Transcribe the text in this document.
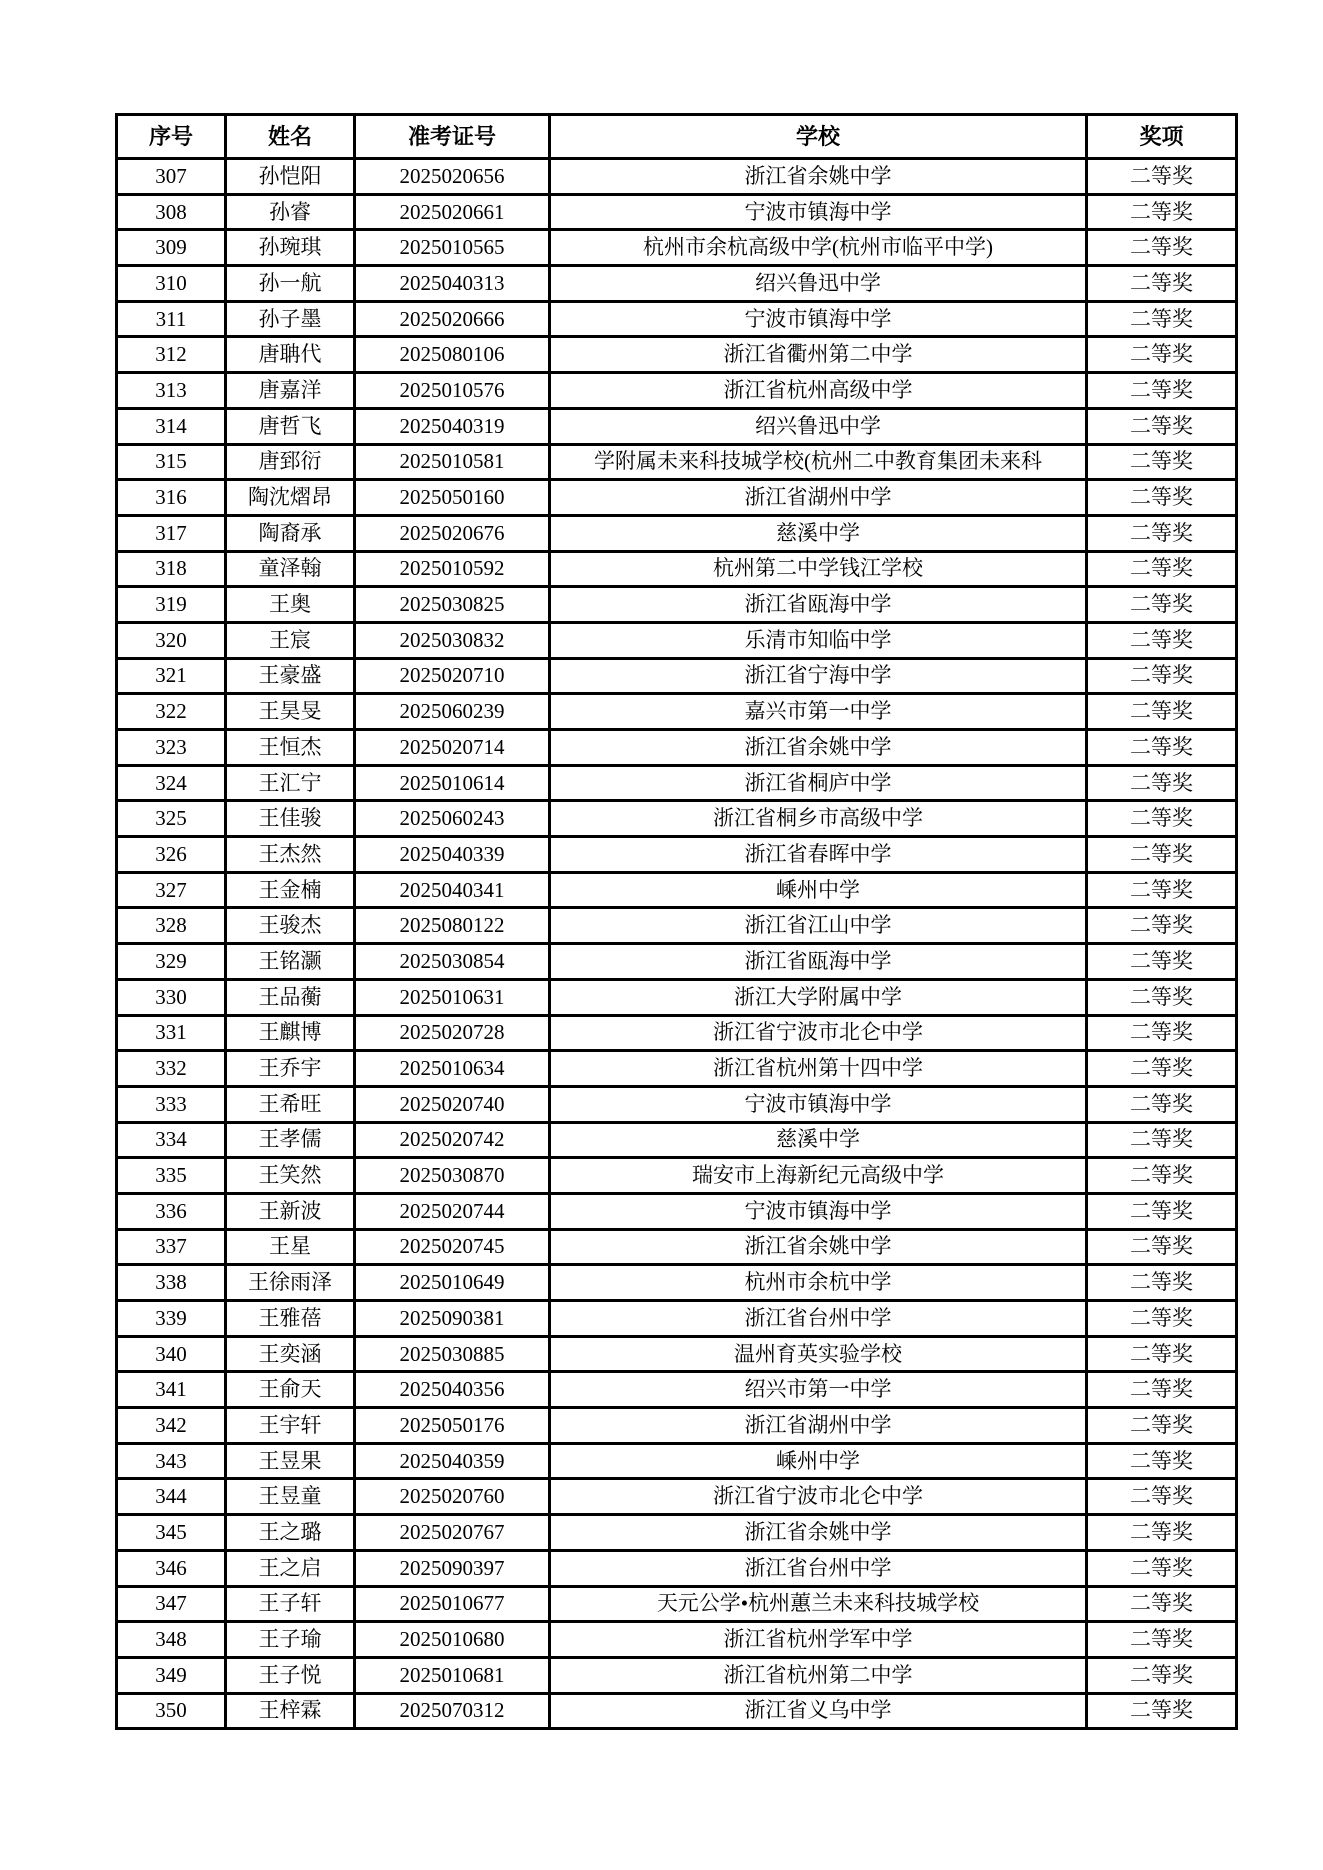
序号	姓名	准考证号	学校	奖项
307	孙恺阳	2025020656	浙江省余姚中学	二等奖
308	孙睿	2025020661	宁波市镇海中学	二等奖
309	孙琬琪	2025010565	杭州市余杭高级中学(杭州市临平中学)	二等奖
310	孙一航	2025040313	绍兴鲁迅中学	二等奖
311	孙子墨	2025020666	宁波市镇海中学	二等奖
312	唐聃代	2025080106	浙江省衢州第二中学	二等奖
313	唐嘉洋	2025010576	浙江省杭州高级中学	二等奖
314	唐哲飞	2025040319	绍兴鲁迅中学	二等奖
315	唐郅衍	2025010581	学附属未来科技城学校(杭州二中教育集团未来科	二等奖
316	陶沈熠昂	2025050160	浙江省湖州中学	二等奖
317	陶裔承	2025020676	慈溪中学	二等奖
318	童泽翰	2025010592	杭州第二中学钱江学校	二等奖
319	王奥	2025030825	浙江省瓯海中学	二等奖
320	王宸	2025030832	乐清市知临中学	二等奖
321	王豪盛	2025020710	浙江省宁海中学	二等奖
322	王昊旻	2025060239	嘉兴市第一中学	二等奖
323	王恒杰	2025020714	浙江省余姚中学	二等奖
324	王汇宁	2025010614	浙江省桐庐中学	二等奖
325	王佳骏	2025060243	浙江省桐乡市高级中学	二等奖
326	王杰然	2025040339	浙江省春晖中学	二等奖
327	王金楠	2025040341	嵊州中学	二等奖
328	王骏杰	2025080122	浙江省江山中学	二等奖
329	王铭灏	2025030854	浙江省瓯海中学	二等奖
330	王品蘅	2025010631	浙江大学附属中学	二等奖
331	王麒博	2025020728	浙江省宁波市北仑中学	二等奖
332	王乔宇	2025010634	浙江省杭州第十四中学	二等奖
333	王希旺	2025020740	宁波市镇海中学	二等奖
334	王孝儒	2025020742	慈溪中学	二等奖
335	王笑然	2025030870	瑞安市上海新纪元高级中学	二等奖
336	王新波	2025020744	宁波市镇海中学	二等奖
337	王星	2025020745	浙江省余姚中学	二等奖
338	王徐雨泽	2025010649	杭州市余杭中学	二等奖
339	王雅蓓	2025090381	浙江省台州中学	二等奖
340	王奕涵	2025030885	温州育英实验学校	二等奖
341	王俞天	2025040356	绍兴市第一中学	二等奖
342	王宇轩	2025050176	浙江省湖州中学	二等奖
343	王昱果	2025040359	嵊州中学	二等奖
344	王昱童	2025020760	浙江省宁波市北仑中学	二等奖
345	王之璐	2025020767	浙江省余姚中学	二等奖
346	王之启	2025090397	浙江省台州中学	二等奖
347	王子轩	2025010677	天元公学•杭州蕙兰未来科技城学校	二等奖
348	王子瑜	2025010680	浙江省杭州学军中学	二等奖
349	王子悦	2025010681	浙江省杭州第二中学	二等奖
350	王梓霖	2025070312	浙江省义乌中学	二等奖
